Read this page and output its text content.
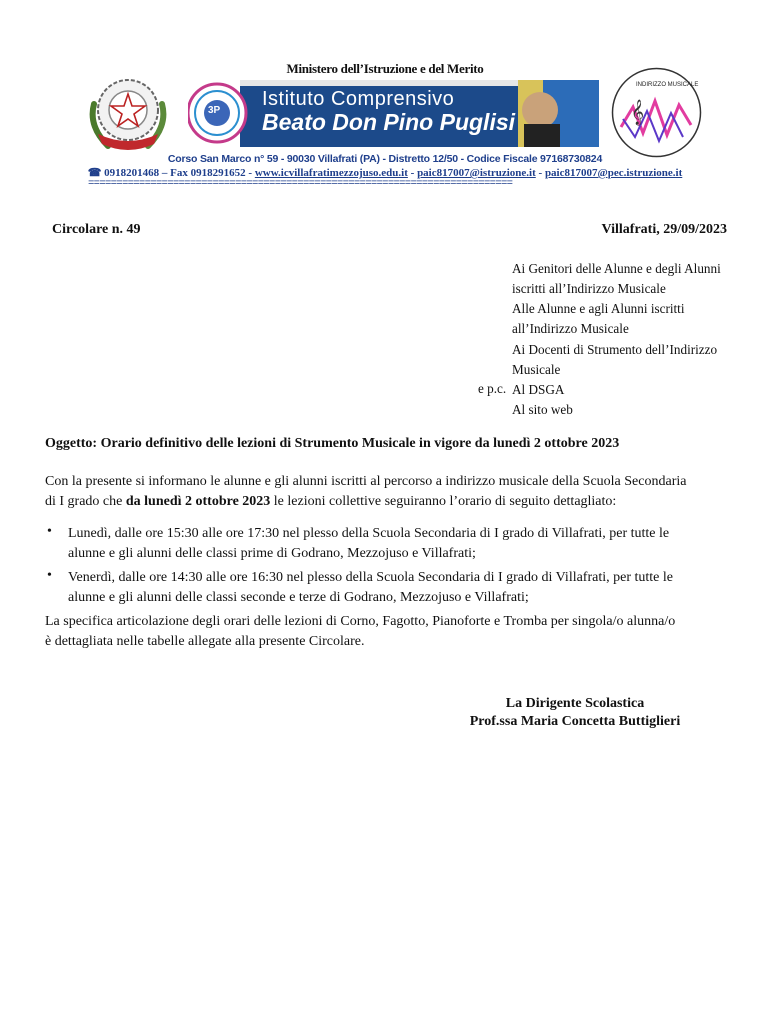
Ministero dell’Istruzione e del Merito
3P
Istituto Comprensivo
Beato Don Pino Puglisi	𝄞
INDIRIZZO MUSICALE
Corso San Marco n° 59 - 90030 Villafrati (PA) - Distretto 12/50 - Codice Fiscale 97168730824
☎ 0918201468 – Fax 0918291652 - www.icvillafratimezzojuso.edu.it - paic817007@istruzione.it - paic817007@pec.istruzione.it
===========================================================================
Circolare n. 49	Villafrati, 29/09/2023
Ai Genitori delle Alunne e degli Alunni
iscritti all’Indirizzo Musicale
Alle Alunne e agli Alunni iscritti
all’Indirizzo Musicale
Ai Docenti di Strumento dell’Indirizzo
Musicale
e p.c. Al DSGA
Al sito web
Oggetto: Orario definitivo delle lezioni di Strumento Musicale in vigore da lunedì 2 ottobre 2023
Con la presente si informano le alunne e gli alunni iscritti al percorso a indirizzo musicale della Scuola Secondaria
di I grado che da lunedì 2 ottobre 2023 le lezioni collettive seguiranno l’orario di seguito dettagliato:
• Lunedì, dalle ore 15:30 alle ore 17:30 nel plesso della Scuola Secondaria di I grado di Villafrati, per tutte le
alunne e gli alunni delle classi prime di Godrano, Mezzojuso e Villafrati;
• Venerdì, dalle ore 14:30 alle ore 16:30 nel plesso della Scuola Secondaria di I grado di Villafrati, per tutte le
alunne e gli alunni delle classi seconde e terze di Godrano, Mezzojuso e Villafrati;
La specifica articolazione degli orari delle lezioni di Corno, Fagotto, Pianoforte e Tromba per singola/o alunna/o
è dettagliata nelle tabelle allegate alla presente Circolare.
La Dirigente Scolastica
Prof.ssa Maria Concetta Buttiglieri
